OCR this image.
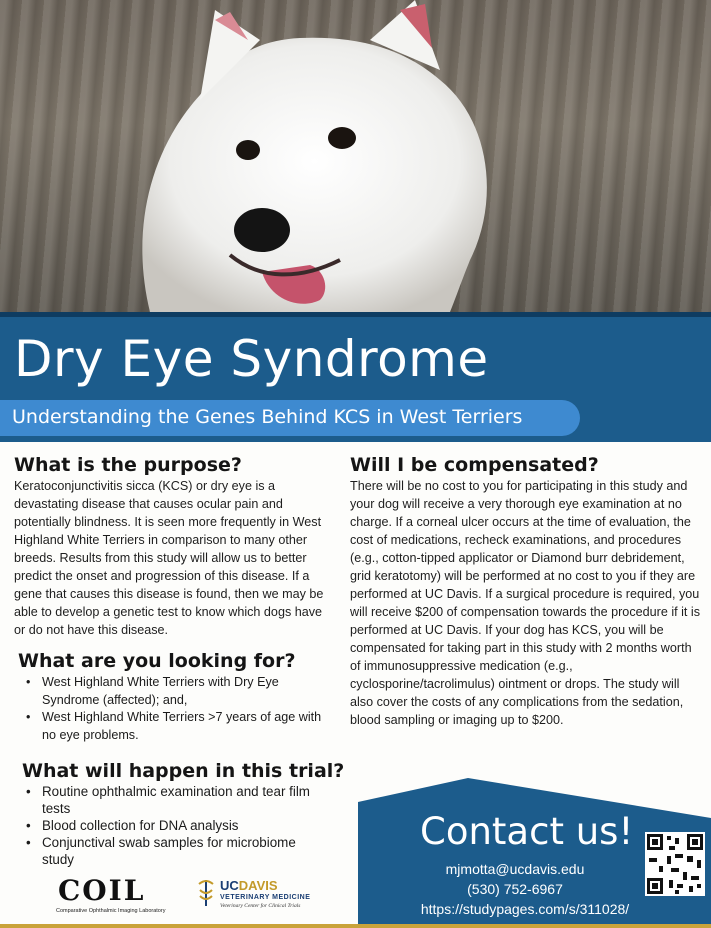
Dry Eye Syndrome
Understanding the Genes Behind KCS in West Terriers
What is the purpose?

Keratoconjunctivitis sicca (KCS) or dry eye is a devastating disease that causes ocular pain and potentially blindness. It is seen more frequently in West Highland White Terriers in comparison to many other breeds. Results from this study will allow us to better predict the onset and progression of this disease. If a gene that causes this disease is found, then we may be able to develop a genetic test to know which dogs have or do not have this disease.

What are you looking for?
• West Highland White Terriers with Dry Eye Syndrome (affected); and,
• West Highland White Terriers >7 years of age with no eye problems.
What will happen in this trial?
• Routine ophthalmic examination and tear film tests
• Blood collection for DNA analysis
• Conjunctival swab samples for microbiome study
Will I be compensated?

There will be no cost to you for participating in this study and your dog will receive a very thorough eye examination at no charge. If a corneal ulcer occurs at the time of evaluation, the cost of medications, recheck examinations, and procedures (e.g., cotton-tipped applicator or Diamond burr debridement, grid keratotomy) will be performed at no cost to you if they are performed at UC Davis. If a surgical procedure is required, you will receive $200 of compensation towards the procedure if it is performed at UC Davis. If your dog has KCS, you will be compensated for taking part in this study with 2 months worth of immunosuppressive medication (e.g., cyclosporine/tacrolimulus) ointment or drops. The study will also cover the costs of any complications from the sedation, blood sampling or imaging up to $200.

Contact us!
mjmotta@ucdavis.edu
(530) 752-6967
https://studypages.com/s/311028/
COIL
Comparative Ophthalmic Imaging Laboratory
UCDAVIS
VETERINARY MEDICINE
Veterinary Center for Clinical Trials
